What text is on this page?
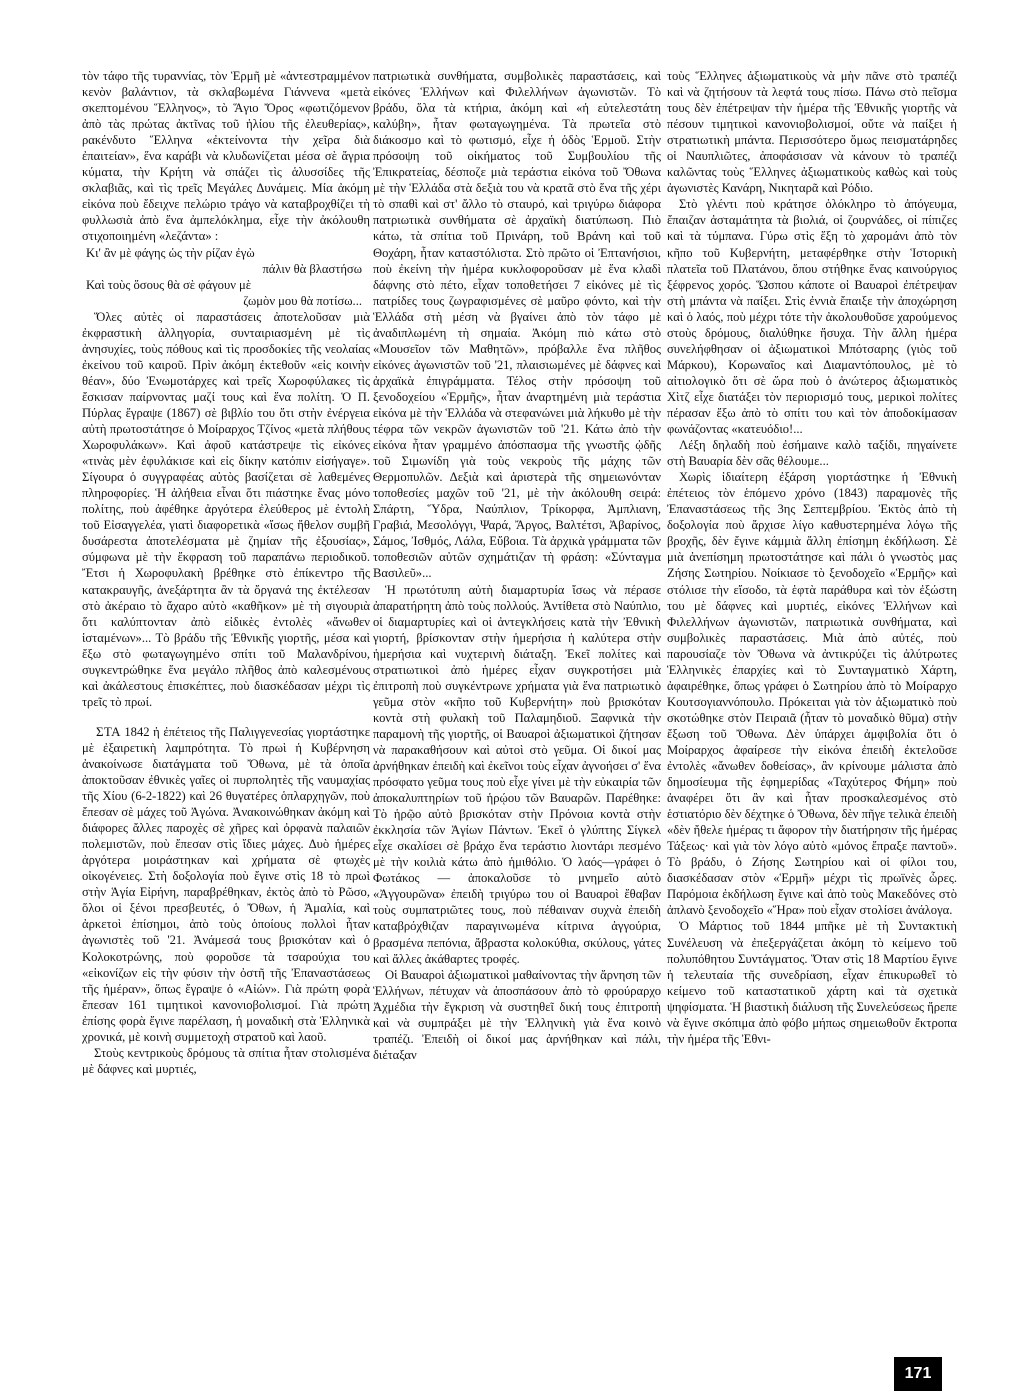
τὸν τάφο τῆς τυραννίας, τὸν Ἑρμῆ μὲ «ἀντεστραμμένον κενὸν βαλάντιον, τὰ σκλαβωμένα Γιάννενα «μετὰ σκεπτομένου Ἕλληνος», τὸ Ἅγιο Ὄρος «φωτιζόμενον ἀπὸ τὰς πρώτας ἀκτῖνας τοῦ ἡλίου τῆς ἐλευθερίας», ρακένδυτο Ἕλληνα «ἐκτείνοντα τὴν χεῖρα διὰ ἐπαιτείαν», ἕνα καράβι νὰ κλυδωνίζεται μέσα σὲ ἄγρια κύματα, τὴν Κρήτη νὰ σπάζει τὶς ἁλυσσίδες τῆς σκλαβιᾶς, καὶ τὶς τρεῖς Μεγάλες Δυνάμεις. Μία ἀκόμη εἰκόνα ποὺ ἔδειχνε πελώριο τράγο νὰ καταβροχθίζει τὴ φυλλωσιὰ ἀπὸ ἕνα ἀμπελόκλημα, εἶχε τὴν ἀκόλουθη στιχοποιημένη «λεζάντα» :

Κι' ἂν μὲ φάγης ὡς τὴν ρίζαν ἐγὼ

πάλιν θὰ βλαστήσω

Καὶ τοὺς ὅσους θὰ σὲ φάγουν μὲ

ζωμὸν μου θὰ ποτίσω...

Ὅλες αὐτὲς οἱ παραστάσεις ἀποτελοῦσαν μιὰ ἐκφραστικὴ ἀλληγορία, συνταιριασμένη μὲ τὶς ἀνησυχίες, τοὺς πόθους καὶ τὶς προσδοκίες τῆς νεολαίας ἐκείνου τοῦ καιροῦ. Πρὶν ἀκόμη ἐκτεθοῦν «εἰς κοινὴν θέαν», δύο Ἐνωμοτάρχες καὶ τρεῖς Χωροφύλακες τὶς ἔσκισαν παίρνοντας μαζί τους καὶ ἕνα πολίτη. Ὁ Π. Πύρλας ἔγραψε (1867) σὲ βιβλίο του ὅτι στὴν ἐνέργεια αὐτὴ πρωτοστάτησε ὁ Μοίραρχος Τζίνος «μετὰ πλήθους Χωροφυλάκων». Καὶ ἀφοῦ κατάστρεψε τὶς εἰκόνες «τινὰς μὲν ἐφυλάκισε καὶ εἰς δίκην κατόπιν εἰσήγαγε». Σίγουρα ὁ συγγραφέας αὐτὸς βασίζεται σὲ λαθεμένες πληροφορίες. Ἡ ἀλήθεια εἶναι ὅτι πιάστηκε ἕνας μόνο πολίτης, ποὺ ἀφέθηκε ἀργότερα ἐλεύθερος μὲ ἐντολὴ τοῦ Εἰσαγγελέα, γιατὶ διαφορετικὰ «ἴσως ἤθελον συμβῆ δυσάρεστα ἀποτελέσματα μὲ ζημίαν τῆς ἐξουσίας», σύμφωνα μὲ τὴν ἔκφραση τοῦ παραπάνω περιοδικοῦ. Ἔτσι ἡ Χωροφυλακὴ βρέθηκε στὸ ἐπίκεντρο τῆς κατακραυγῆς, ἀνεξάρτητα ἂν τὰ ὄργανά της ἐκτέλεσαν στὸ ἀκέραιο τὸ ἄχαρο αὐτὸ «καθῆκον» μὲ τὴ σιγουριὰ ὅτι καλύπτονταν ἀπὸ εἰδικὲς ἐντολὲς «ἄνωθεν ἱσταμένων»... Τὸ βράδυ τῆς Ἐθνικῆς γιορτῆς, μέσα καὶ ἔξω στὸ φωταγωγημένο σπίτι τοῦ Μαλανδρίνου, συγκεντρώθηκε ἕνα μεγάλο πλῆθος ἀπὸ καλεσμένους καὶ ἀκάλεστους ἐπισκέπτες, ποὺ διασκέδασαν μέχρι τὶς τρεῖς τὸ πρωί.

ΣΤΑ 1842 ἡ ἐπέτειος τῆς Παλιγγενεσίας γιορτάστηκε μὲ ἐξαιρετικὴ λαμπρότητα. Τὸ πρωὶ ἡ Κυβέρνηση ἀνακοίνωσε διατάγματα τοῦ Ὄθωνα, μὲ τὰ ὁποῖα ἀποκτοῦσαν ἐθνικὲς γαῖες οἱ πυρπολητὲς τῆς ναυμαχίας τῆς Χίου (6-2-1822) καὶ 26 θυγατέρες ὁπλαρχηγῶν, ποὺ ἔπεσαν σὲ μάχες τοῦ Ἀγώνα. Ἀνακοινώθηκαν ἀκόμη καὶ διάφορες ἄλλες παροχὲς σὲ χῆρες καὶ ὀρφανὰ παλαιῶν πολεμιστῶν, ποὺ ἔπεσαν στὶς ἴδιες μάχες. Δυὸ ἡμέρες ἀργότερα μοιράστηκαν καὶ χρήματα σὲ φτωχὲς οἰκογένειες. Στὴ δοξολογία ποὺ ἔγινε στὶς 18 τὸ πρωὶ στὴν Ἁγία Εἰρήνη, παραβρέθηκαν, ἐκτὸς ἀπὸ τὸ Ρῶσο, ὅλοι οἱ ξένοι πρεσβευτές, ὁ Ὄθων, ἡ Ἀμαλία, καὶ ἀρκετοὶ ἐπίσημοι, ἀπὸ τοὺς ὁποίους πολλοὶ ἦταν ἀγωνιστὲς τοῦ '21. Ἀνάμεσά τους βρισκόταν καὶ ὁ Κολοκοτρώνης, ποὺ φοροῦσε τὰ τσαρούχια του «εἰκονίζων εἰς τὴν φύσιν τὴν ὀστῆ τῆς Ἐπαναστάσεως τῆς ἡμέραν», ὅπως ἔγραψε ὁ «Αἰών». Γιὰ πρώτη φορὰ ἔπεσαν 161 τιμητικοὶ κανονιοβολισμοί. Γιὰ πρώτη ἐπίσης φορὰ ἔγινε παρέλαση, ἡ μοναδικὴ στὰ Ἑλληνικὰ χρονικά, μὲ κοινὴ συμμετοχὴ στρατοῦ καὶ λαοῦ.

Στοὺς κεντρικοὺς δρόμους τὰ σπίτια ἦταν στολισμένα μὲ δάφνες καὶ μυρτιές,

πατριωτικὰ συνθήματα, συμβολικὲς παραστάσεις, καὶ εἰκόνες Ἑλλήνων καὶ Φιλελλήνων ἀγωνιστῶν. Τὸ βράδυ, ὅλα τὰ κτήρια, ἀκόμη καὶ «ἡ εὐτελεστάτη καλύβη», ἦταν φωταγωγημένα. Τὰ πρωτεῖα στὸ διάκοσμο καὶ τὸ φωτισμό, εἶχε ἡ ὁδὸς Ἑρμοῦ. Στὴν πρόσοψη τοῦ οἰκήματος τοῦ Συμβουλίου τῆς Ἐπικρατείας, δέσποζε μιὰ τεράστια εἰκόνα τοῦ Ὄθωνα μὲ τὴν Ἑλλάδα στὰ δεξιὰ του νὰ κρατᾶ στὸ ἕνα τῆς χέρι τὸ σπαθὶ καὶ στ' ἄλλο τὸ σταυρό, καὶ τριγύρω διάφορα πατριωτικὰ συνθήματα σὲ ἀρχαϊκὴ διατύπωση. Πιὸ κάτω, τὰ σπίτια τοῦ Πρινάρη, τοῦ Βράνη καὶ τοῦ Θοχάρη, ἦταν καταστόλιστα. Στὸ πρῶτο οἱ Ἐπτανήσιοι, ποὺ ἐκείνη τὴν ἡμέρα κυκλοφοροῦσαν μὲ ἕνα κλαδὶ δάφνης στὸ πέτο, εἶχαν τοποθετήσει 7 εἰκόνες μὲ τὶς πατρίδες τους ζωγραφισμένες σὲ μαῦρο φόντο, καὶ τὴν Ἑλλάδα στὴ μέση νὰ βγαίνει ἀπὸ τὸν τάφο μὲ ἀναδιπλωμένη τὴ σημαία. Ἀκόμη πιὸ κάτω στὸ «Μουσεῖον τῶν Μαθητῶν», πρόβαλλε ἕνα πλῆθος εἰκόνες ἀγωνιστῶν τοῦ '21, πλαισιωμένες μὲ δάφνες καὶ ἀρχαϊκὰ ἐπιγράμματα. Τέλος στὴν πρόσοψη τοῦ ξενοδοχείου «Ἑρμῆς», ἦταν ἀναρτημένη μιὰ τεράστια εἰκόνα μὲ τὴν Ἑλλάδα νὰ στεφανώνει μιὰ λήκυθο μὲ τὴν τέφρα τῶν νεκρῶν ἀγωνιστῶν τοῦ '21. Κάτω ἀπὸ τὴν εἰκόνα ἦταν γραμμένο ἀπόσπασμα τῆς γνωστῆς ᾠδῆς τοῦ Σιμωνίδη γιὰ τοὺς νεκροὺς τῆς μάχης τῶν Θερμοπυλῶν. Δεξιὰ καὶ ἀριστερὰ τῆς σημειωνόνταν τοποθεσίες μαχῶν τοῦ '21, μὲ τὴν ἀκόλουθη σειρά: Σπάρτη, Ὕδρα, Ναύπλιον, Τρίκορφα, Ἀμπλιανη, Γραβιά, Μεσολόγγι, Ψαρά, Ἄργος, Βαλτέτσι, Ἀβαρίνος, Σάμος, Ἰσθμός, Λάλα, Εὔβοια. Τὰ ἀρχικὰ γράμματα τῶν τοποθεσιῶν αὐτῶν σχημάτιζαν τὴ φράση: «Σύνταγμα Βασιλεῦ»...

Ἡ πρωτότυπη αὐτὴ διαμαρτυρία ἴσως νὰ πέρασε ἀπαρατήρητη ἀπὸ τοὺς πολλούς. Ἀντίθετα στὸ Ναύπλιο, οἱ διαμαρτυρίες καὶ οἱ ἀντεγκλήσεις κατὰ τὴν Ἐθνικὴ γιορτή, βρίσκονταν στὴν ἡμερήσια ἡ καλύτερα στὴν ἡμερήσια καὶ νυχτερινὴ διάταξη. Ἐκεῖ πολίτες καὶ στρατιωτικοὶ ἀπὸ ἡμέρες εἶχαν συγκροτήσει μιὰ ἐπιτροπὴ ποὺ συγκέντρωνε χρήματα γιὰ ἕνα πατριωτικὸ γεῦμα στὸν «κῆπο τοῦ Κυβερνήτη» ποὺ βρισκόταν κοντὰ στὴ φυλακὴ τοῦ Παλαμηδιοῦ. Ξαφνικὰ τὴν παραμονὴ τῆς γιορτῆς, οἱ Βαυαροὶ ἀξιωματικοὶ ζήτησαν νὰ παρακαθήσουν καὶ αὐτοὶ στὸ γεῦμα. Οἱ δικοί μας ἀρνήθηκαν ἐπειδὴ καὶ ἐκεῖνοι τοὺς εἶχαν ἀγνοήσει σ' ἕνα πρόσφατο γεῦμα τους ποὺ εἶχε γίνει μὲ τὴν εὐκαιρία τῶν ἀποκαλυπτηρίων τοῦ ἡρῴου τῶν Βαυαρῶν. Παρέθηκε: Τὸ ἡρῷο αὐτὸ βρισκόταν στὴν Πρόνοια κοντὰ στὴν ἐκκλησία τῶν Ἁγίων Πάντων. Ἐκεῖ ὁ γλύπτης Σίγκελ εἶχε σκαλίσει σὲ βράχο ἕνα τεράστιο λιοντάρι πεσμένο μὲ τὴν κοιλιὰ κάτω ἀπὸ ἡμιθόλιο. Ὁ λαός—γράφει ὁ Φωτάκος — ἀποκαλοῦσε τὸ μνημεῖο αὐτὸ «Ἀγγουρῶνα» ἐπειδὴ τριγύρω του οἱ Βαυαροὶ ἔθαβαν τοὺς συμπατριῶτες τους, ποὺ πέθαιναν συχνὰ ἐπειδὴ καταβρόχθιζαν παραγινωμένα κίτρινα ἀγγούρια, βρασμένα πεπόνια, ἄβραστα κολοκύθια, σκύλους, γάτες καὶ ἄλλες ἀκάθαρτες τροφές.

Οἱ Βαυαροὶ ἀξιωματικοὶ μαθαίνοντας τὴν ἄρνηση τῶν Ἑλλήνων, πέτυχαν νὰ ἀποσπάσουν ἀπὸ τὸ φρούραρχο Ἀχμέδια τὴν ἔγκριση νὰ συστηθεῖ δική τους ἐπιτροπὴ καὶ νὰ συμπράξει μὲ τὴν Ἑλληνικὴ γιὰ ἕνα κοινὸ τραπέζι. Ἐπειδὴ οἱ δικοί μας ἀρνήθηκαν καὶ πάλι, διέταξαν

τοὺς Ἕλληνες ἀξιωματικοὺς νὰ μὴν πᾶνε στὸ τραπέζι καὶ νὰ ζητήσουν τὰ λεφτά τους πίσω. Πάνω στὸ πεῖσμα τους δὲν ἐπέτρεψαν τὴν ἡμέρα τῆς Ἐθνικῆς γιορτῆς νὰ πέσουν τιμητικοὶ κανονιοβολισμοί, οὔτε νὰ παίξει ἡ στρατιωτικὴ μπάντα. Περισσότερο ὅμως πεισματάρηδες οἱ Ναυπλιῶτες, ἀποφάσισαν νὰ κάνουν τὸ τραπέζι καλῶντας τοὺς Ἕλληνες ἀξιωματικοὺς καθὼς καὶ τοὺς ἀγωνιστὲς Κανάρη, Νικηταρᾶ καὶ Ρόδιο.

Στὸ γλέντι ποὺ κράτησε ὁλόκληρο τὸ ἀπόγευμα, ἔπαιζαν ἀσταμάτητα τὰ βιολιά, οἱ ζουρνάδες, οἱ πίπιζες καὶ τὰ τύμπανα. Γύρω στὶς ἕξη τὸ χαρομάνι ἀπὸ τὸν κῆπο τοῦ Κυβερνήτη, μεταφέρθηκε στὴν Ἱστορικὴ πλατεῖα τοῦ Πλατάνου, ὅπου στήθηκε ἕνας καινούργιος ξέφρενος χορός. Ὥσπου κάποτε οἱ Βαυαροὶ ἐπέτρεψαν στὴ μπάντα νὰ παίξει. Στὶς ἐννιὰ ἔπαιξε τὴν ἀποχώρηση καὶ ὁ λαός, ποὺ μέχρι τότε τὴν ἀκολουθοῦσε χαρούμενος στοὺς δρόμους, διαλύθηκε ἥσυχα. Τὴν ἄλλη ἡμέρα συνελήφθησαν οἱ ἀξιωματικοὶ Μπότσαρης (γιὸς τοῦ Μάρκου), Κορωναῖος καὶ Διαμαντόπουλος, μὲ τὸ αἰτιολογικὸ ὅτι σὲ ὥρα ποὺ ὁ ἀνώτερος ἀξιωματικὸς Χὶτζ εἶχε διατάξει τὸν περιορισμό τους, μερικοὶ πολίτες πέρασαν ἔξω ἀπὸ τὸ σπίτι του καὶ τὸν ἀποδοκίμασαν φωνάζοντας «κατευόδιο!...

Λέξη δηλαδὴ ποὺ ἐσήμαινε καλὸ ταξίδι, πηγαίνετε στὴ Βαυαρία δὲν σᾶς θέλουμε...

Χωρὶς ἰδιαίτερη ἐξάρση γιορτάστηκε ἡ Ἐθνικὴ ἐπέτειος τὸν ἑπόμενο χρόνο (1843) παραμονὲς τῆς Ἐπαναστάσεως τῆς 3ης Σεπτεμβρίου. Ἐκτὸς ἀπὸ τὴ δοξολογία ποὺ ἄρχισε λίγο καθυστερημένα λόγω τῆς βροχῆς, δὲν ἔγινε κάμμιὰ ἄλλη ἐπίσημη ἐκδήλωση. Σὲ μιὰ ἀνεπίσημη πρωτοστάτησε καὶ πάλι ὁ γνωστὸς μας Ζήσης Σωτηρίου. Νοίκιασε τὸ ξενοδοχεῖο «Ἑρμῆς» καὶ στόλισε τὴν εἴσοδο, τὰ ἑφτὰ παράθυρα καὶ τὸν ἐξώστη του μὲ δάφνες καὶ μυρτιές, εἰκόνες Ἑλλήνων καὶ Φιλελλήνων ἀγωνιστῶν, πατριωτικὰ συνθήματα, καὶ συμβολικὲς παραστάσεις. Μιὰ ἀπὸ αὐτές, ποὺ παρουσίαζε τὸν Ὄθωνα νὰ ἀντικρύζει τὶς ἀλύτρωτες Ἑλληνικὲς ἐπαρχίες καὶ τὸ Συνταγματικὸ Χάρτη, ἀφαιρέθηκε, ὅπως γράφει ὁ Σωτηρίου ἀπὸ τὸ Μοίραρχο Κουτσογιαννόπουλο. Πρόκειται γιὰ τὸν ἀξιωματικὸ ποὺ σκοτώθηκε στὸν Πειραιᾶ (ἦταν τὸ μοναδικὸ θῦμα) στὴν ἔξωση τοῦ Ὄθωνα. Δὲν ὑπάρχει ἀμφιβολία ὅτι ὁ Μοίραρχος ἀφαίρεσε τὴν εἰκόνα ἐπειδὴ ἐκτελοῦσε ἐντολὲς «ἄνωθεν δοθείσας», ἂν κρίνουμε μάλιστα ἀπὸ δημοσίευμα τῆς ἐφημερίδας «Ταχύτερος Φήμη» ποὺ ἀναφέρει ὅτι ἂν καὶ ἦταν προσκαλεσμένος στὸ ἑστιατόριο δὲν δέχτηκε ὁ Ὄθωνα, δὲν πῆγε τελικὰ ἐπειδὴ «δὲν ἤθελε ἡμέρας τι ἄφορον τὴν διατήρησιν τῆς ἡμέρας Τάξεως· καὶ γιὰ τὸν λόγο αὐτὸ «μόνος ἔπραξε παντοῦ». Τὸ βράδυ, ὁ Ζήσης Σωτηρίου καὶ οἱ φίλοι του, διασκέδασαν στὸν «Ἑρμῆ» μέχρι τὶς πρωϊνὲς ὧρες. Παρόμοια ἐκδήλωση ἔγινε καὶ ἀπὸ τοὺς Μακεδόνες στὸ ἀπλανὸ ξενοδοχεῖο «Ἥρα» ποὺ εἶχαν στολίσει ἀνάλογα.

Ὁ Μάρτιος τοῦ 1844 μπῆκε μὲ τὴ Συντακτικὴ Συνέλευση νὰ ἐπεξεργάζεται ἀκόμη τὸ κείμενο τοῦ πολυπόθητου Συντάγματος. Ὅταν στὶς 18 Μαρτίου ἔγινε ἡ τελευταία τῆς συνεδρίαση, εἶχαν ἐπικυρωθεῖ τὸ κείμενο τοῦ καταστατικοῦ χάρτη καὶ τὰ σχετικὰ ψηφίσματα. Ἡ βιαστικὴ διάλυση τῆς Συνελεύσεως ἤρεπε νὰ ἔγινε σκόπιμα ἀπὸ φόβο μήπως σημειωθοῦν ἔκτροπα τὴν ἡμέρα τῆς Ἐθνι-

171
